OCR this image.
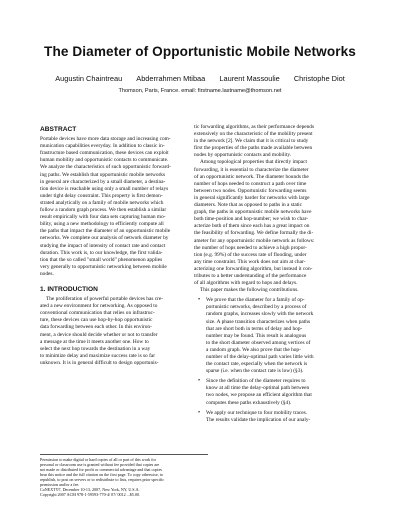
The Diameter of Opportunistic Mobile Networks
Augustin Chaintreau Abderrahmen Mtibaa Laurent Massoulie Christophe Diot
Thomson, Paris, France. email: firstname.lastname@thomson.net
ABSTRACT
Portable devices have more data storage and increasing com-
munication capabilities everyday. In addition to classic in-
frastructure based communication, these devices can exploit
human mobility and opportunistic contacts to communicate.
We analyze the characteristics of such opportunistic forward-
ing paths. We establish that opportunistic mobile networks
in general are characterized by a small diameter, a destina-
tion device is reachable using only a small number of relays
under tight delay constraint. This property is first demon-
strated analytically on a family of mobile networks which
follow a random graph process. We then establish a similar
result empirically with four data sets capturing human mo-
bility, using a new methodology to efficiently compute all
the paths that impact the diameter of an opportunistic mobile
networks. We complete our analysis of network diameter by
studying the impact of intensity of contact rate and contact
duration. This work is, to our knowledge, the first valida-
tion that the so called "small world" phenomenon applies
very generally to opportunistic networking between mobile
nodes.
1. INTRODUCTION
The proliferation of powerful portable devices has cre-
ated a new environment for networking. As opposed to
conventional communication that relies on infrastruc-
ture, these devices can use hop-by-hop opportunistic
data forwarding between each other. In this environ-
ment, a device should decide whether or not to transfer
a message at the time it meets another one. How to
select the next hop towards the destination in a way
to minimize delay and maximize success rate is so far
unknown. It is in general difficult to design opportunis-
Permission to make digital or hard copies of all or part of this work for
personal or classroom use is granted without fee provided that copies are
not made or distributed for profit or commercial advantage and that copies
bear this notice and the full citation on the first page. To copy otherwise, to
republish, to post on servers or to redistribute to lists, requires prior specific
permission and/or a fee.
CoNEXT'07, December 10-13, 2007, New York, NY, U.S.A.
Copyright 2007 ACM 978-1-59593-770-4/ 07/ 0012 ...$5.00.
tic forwarding algorithms, as their performance depends
extensively on the characteristic of the mobility present
in the network [2]. We claim that it is critical to study
first the properties of the paths made available between
nodes by opportunistic contacts and mobility.
Among topological properties that directly impact
forwarding, it is essential to characterize the diameter
of an opportunistic network. The diameter bounds the
number of hops needed to construct a path over time
between two nodes. Opportunistic forwarding seems
in general significantly harder for networks with large
diameters. Note that as opposed to paths in a static
graph, the paths in opportunistic mobile networks have
both time-position and hop-number; we wish to char-
acterize both of them since each has a great impact on
the feasibility of forwarding. We define formally the di-
ameter for any opportunistic mobile network as follows:
the number of hops needed to achieve a high propor-
tion (e.g. 99%) of the success rate of flooding, under
any time constraint. This work does not aim at char-
acterizing one forwarding algorithm, but instead it con-
tributes to a better understanding of the performance
of all algorithms with regard to hops and delays.
This paper makes the following contributions.
•	We prove that the diameter for a family of op-
portunistic networks, described by a process of
random graphs, increases slowly with the network
size. A phase transition characterizes when paths
that are short both in terms of delay and hop-
number may be found. This result is analogous
to the short diameter observed among vertices of
a random graph. We also prove that the hop-
number of the delay-optimal path varies little with
the contact rate, especially when the network is
sparse (i.e. when the contact rate is low) (§3).
•	Since the definition of the diameter requires to
know at all time the delay-optimal path between
two nodes, we propose an efficient algorithm that
computes these paths exhaustively (§4).
•	We apply our technique to four mobility traces.
The results validate the implication of our analy-
